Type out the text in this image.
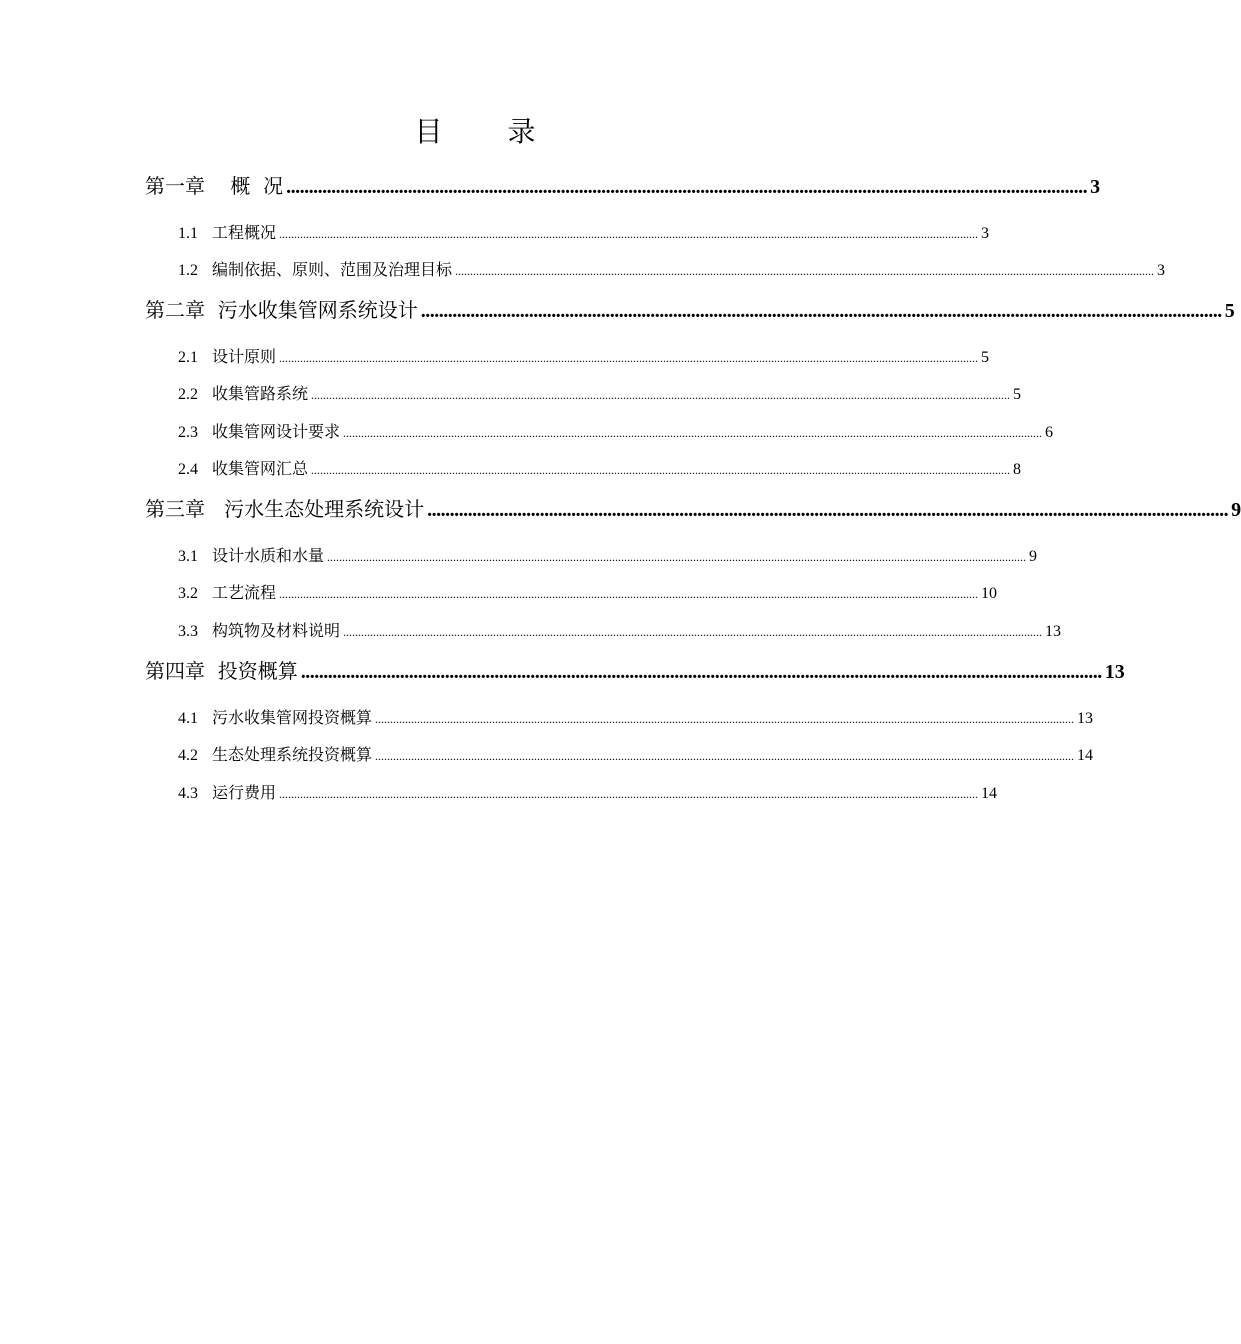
目 录
第一章    概  况 .................................................................................................................................................................................. 3
1.1 工程概况 ......................................................................................................................................................................................................................................... 3
1.2 编制依据、原则、范围及治理目标 ......................................................................................................................................................................................................................................... 3
第二章  污水收集管网系统设计 .................................................................................................................................................................................. 5
2.1 设计原则 ......................................................................................................................................................................................................................................... 5
2.2 收集管路系统 ......................................................................................................................................................................................................................................... 5
2.3 收集管网设计要求 ......................................................................................................................................................................................................................................... 6
2.4 收集管网汇总 ......................................................................................................................................................................................................................................... 8
第三章   污水生态处理系统设计 .................................................................................................................................................................................. 9
3.1 设计水质和水量 ......................................................................................................................................................................................................................................... 9
3.2 工艺流程 ......................................................................................................................................................................................................................................... 10
3.3 构筑物及材料说明 ......................................................................................................................................................................................................................................... 13
第四章  投资概算 .................................................................................................................................................................................. 13
4.1 污水收集管网投资概算 ......................................................................................................................................................................................................................................... 13
4.2 生态处理系统投资概算 ......................................................................................................................................................................................................................................... 14
4.3 运行费用 ......................................................................................................................................................................................................................................... 14
